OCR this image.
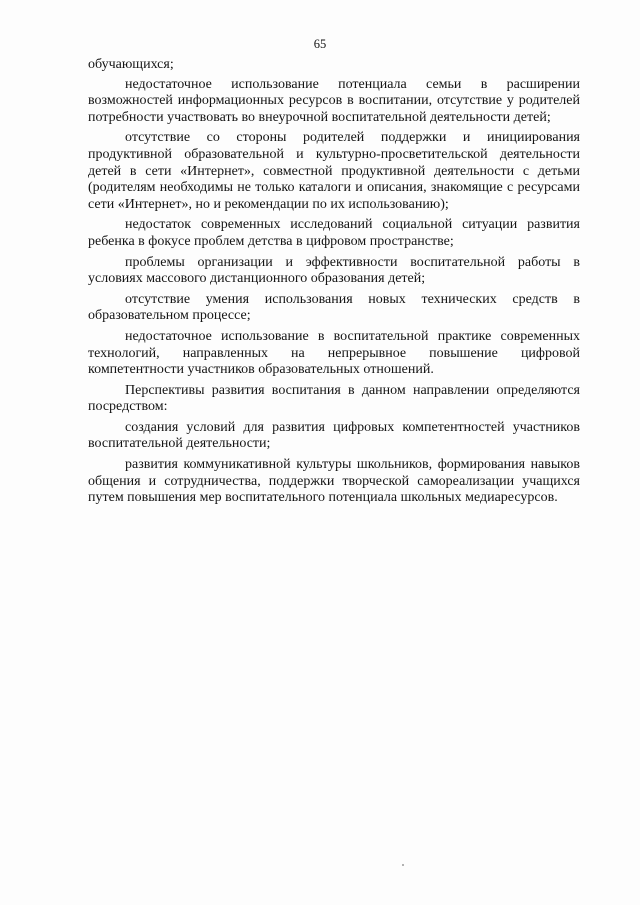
65

обучающихся;

недостаточное использование потенциала семьи в расширении возможностей информационных ресурсов в воспитании, отсутствие у родителей потребности участвовать во внеурочной воспитательной деятельности детей;

отсутствие со стороны родителей поддержки и инициирования продуктивной образовательной и культурно-просветительской деятельности детей в сети «Интернет», совместной продуктивной деятельности с детьми (родителям необходимы не только каталоги и описания, знакомящие с ресурсами сети «Интернет», но и рекомендации по их использованию);

недостаток современных исследований социальной ситуации развития ребенка в фокусе проблем детства в цифровом пространстве;

проблемы организации и эффективности воспитательной работы в условиях массового дистанционного образования детей;

отсутствие умения использования новых технических средств в образовательном процессе;

недостаточное использование в воспитательной практике современных технологий, направленных на непрерывное повышение цифровой компетентности участников образовательных отношений.

Перспективы развития воспитания в данном направлении определяются посредством:

создания условий для развития цифровых компетентностей участников воспитательной деятельности;

развития коммуникативной культуры школьников, формирования навыков общения и сотрудничества, поддержки творческой самореализации учащихся путем повышения мер воспитательного потенциала школьных медиаресурсов.
